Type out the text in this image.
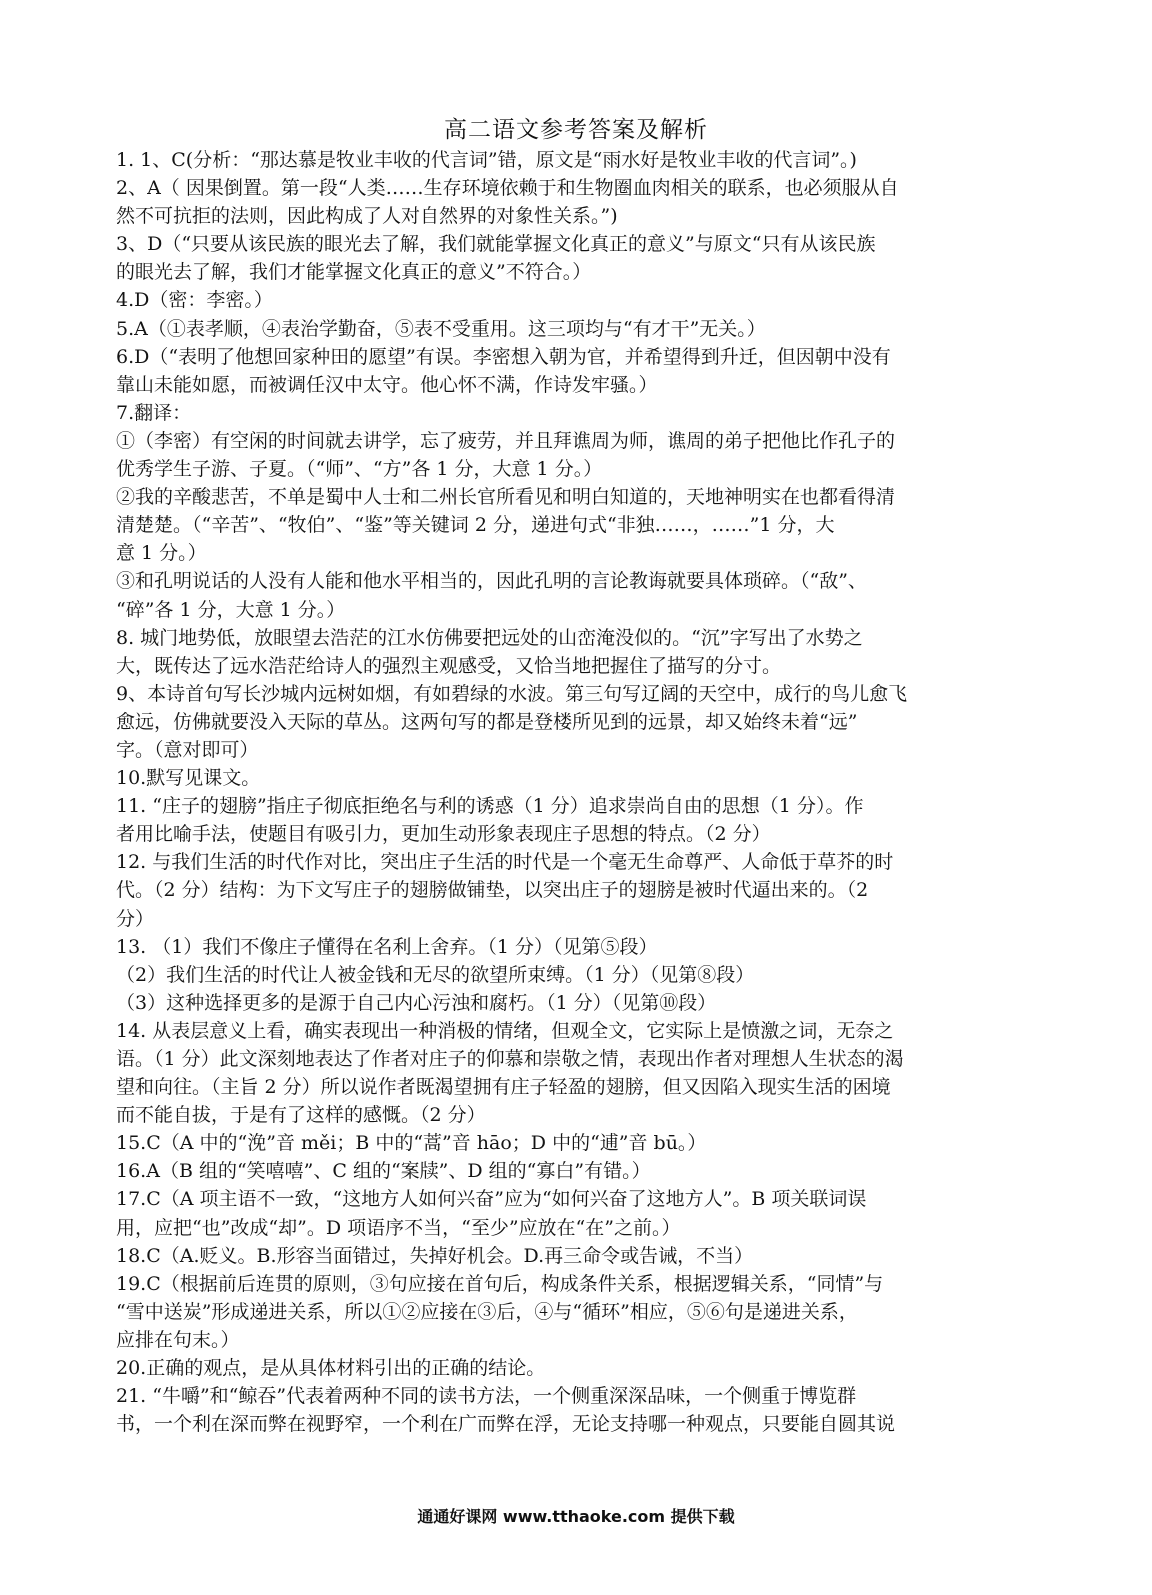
高二语文参考答案及解析
1. 1、C(分析：“那达慕是牧业丰收的代言词”错，原文是“雨水好是牧业丰收的代言词”。)
2、A（ 因果倒置。第一段“人类……生存环境依赖于和生物圈血肉相关的联系，也必须服从自
然不可抗拒的法则，因此构成了人对自然界的对象性关系。”)
3、D（“只要从该民族的眼光去了解，我们就能掌握文化真正的意义”与原文“只有从该民族
的眼光去了解，我们才能掌握文化真正的意义”不符合。）
4.D（密：李密。）
5.A（①表孝顺，④表治学勤奋，⑤表不受重用。这三项均与“有才干”无关。）
6.D（“表明了他想回家种田的愿望”有误。李密想入朝为官，并希望得到升迁，但因朝中没有
靠山未能如愿，而被调任汉中太守。他心怀不满，作诗发牢骚。）
7.翻译：
①（李密）有空闲的时间就去讲学，忘了疲劳，并且拜谯周为师，谯周的弟子把他比作孔子的
优秀学生子游、子夏。（“师”、“方”各 1 分，大意 1 分。）
②我的辛酸悲苦，不单是蜀中人士和二州长官所看见和明白知道的，天地神明实在也都看得清
清楚楚。（“辛苦”、“牧伯”、“鉴”等关键词 2 分，递进句式“非独……，……”1 分，大
意 1 分。）
③和孔明说话的人没有人能和他水平相当的，因此孔明的言论教诲就要具体琐碎。（“敌”、
“碎”各 1 分，大意 1 分。）
8. 城门地势低，放眼望去浩茫的江水仿佛要把远处的山峦淹没似的。“沉”字写出了水势之
大，既传达了远水浩茫给诗人的强烈主观感受，又恰当地把握住了描写的分寸。
9、本诗首句写长沙城内远树如烟，有如碧绿的水波。第三句写辽阔的天空中，成行的鸟儿愈飞
愈远，仿佛就要没入天际的草丛。这两句写的都是登楼所见到的远景，却又始终未着“远”
字。（意对即可）
10.默写见课文。
11. “庄子的翅膀”指庄子彻底拒绝名与利的诱惑（1 分）追求崇尚自由的思想（1 分）。作
者用比喻手法，使题目有吸引力，更加生动形象表现庄子思想的特点。（2 分）
12. 与我们生活的时代作对比，突出庄子生活的时代是一个毫无生命尊严、人命低于草芥的时
代。（2 分）结构：为下文写庄子的翅膀做铺垫，以突出庄子的翅膀是被时代逼出来的。（2
分）
13. （1）我们不像庄子懂得在名利上舍弃。（1 分）（见第⑤段）
（2）我们生活的时代让人被金钱和无尽的欲望所束缚。（1 分）（见第⑧段）
（3）这种选择更多的是源于自己内心污浊和腐朽。（1 分）（见第⑩段）
14. 从表层意义上看，确实表现出一种消极的情绪，但观全文，它实际上是愤激之词，无奈之
语。（1 分）此文深刻地表达了作者对庄子的仰慕和崇敬之情，表现出作者对理想人生状态的渴
望和向往。（主旨 2 分）所以说作者既渴望拥有庄子轻盈的翅膀，但又因陷入现实生活的困境
而不能自拔，于是有了这样的感慨。（2 分）
15.C（A 中的“浼”音 měi；B 中的“蒿”音 hāo；D 中的“逋”音 bū。）
16.A（B 组的“笑嘻嘻”、C 组的“案牍”、D 组的“寡白”有错。）
17.C（A 项主语不一致，“这地方人如何兴奋”应为“如何兴奋了这地方人”。B 项关联词误
用，应把“也”改成“却”。D 项语序不当，“至少”应放在“在”之前。）
18.C（A.贬义。B.形容当面错过，失掉好机会。D.再三命令或告诫，不当）
19.C（根据前后连贯的原则，③句应接在首句后，构成条件关系，根据逻辑关系，“同情”与
“雪中送炭”形成递进关系，所以①②应接在③后，④与“循环”相应，⑤⑥句是递进关系，
应排在句末。）
20.正确的观点，是从具体材料引出的正确的结论。
21. “牛嚼”和“鲸吞”代表着两种不同的读书方法，一个侧重深深品味，一个侧重于博览群
书，一个利在深而弊在视野窄，一个利在广而弊在浮，无论支持哪一种观点，只要能自圆其说
通通好课网 www.tthaoke.com 提供下载
